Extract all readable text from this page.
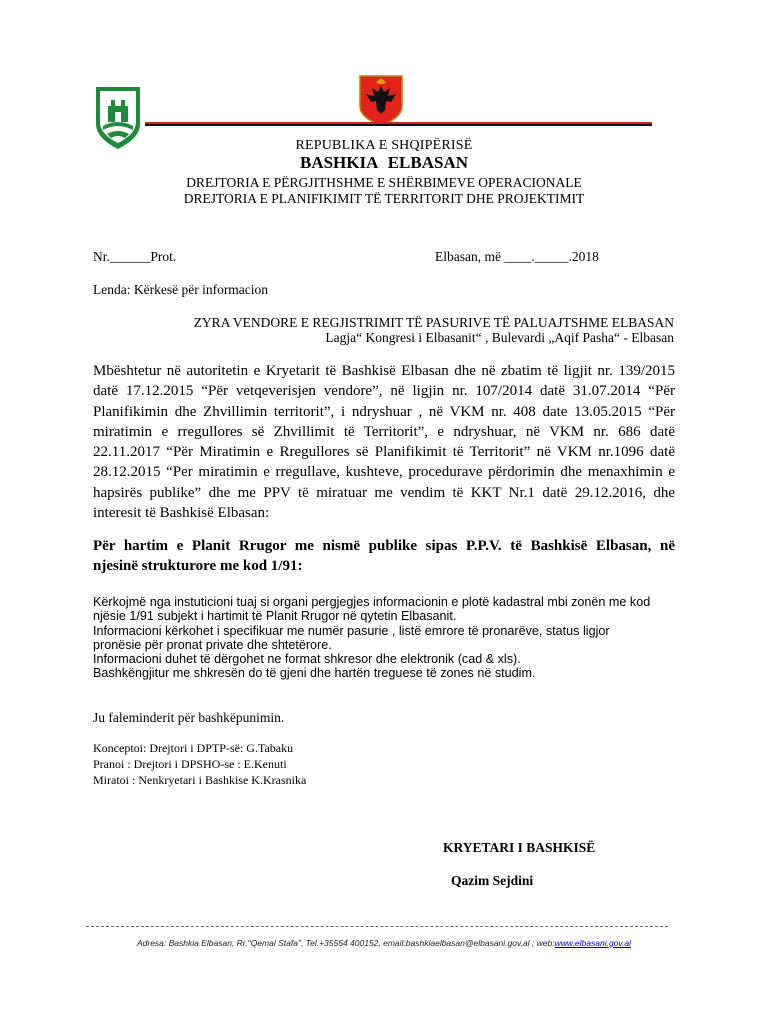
REPUBLIKA E SHQIPËRISË
BASHKIA ELBASAN
DREJTORIA E PËRGJITHSHME E SHËRBIMEVE OPERACIONALE
DREJTORIA E PLANIFIKIMIT TË TERRITORIT DHE PROJEKTIMIT
Nr.______Prot.	Elbasan, më ____._____.2018
Lenda: Kërkesë për informacion
ZYRA VENDORE E REGJISTRIMIT TË PASURIVE TË PALUAJTSHME ELBASAN
Lagja“ Kongresi i Elbasanit“ , Bulevardi „Aqif Pasha“ - Elbasan
Mbështetur në autoritetin e Kryetarit të Bashkisë Elbasan dhe në zbatim të ligjit nr. 139/2015
datë 17.12.2015 “Për vetqeverisjen vendore”, në ligjin nr. 107/2014 datë 31.07.2014 “Për
Planifikimin dhe Zhvillimin territorit”, i ndryshuar , në VKM nr. 408 date 13.05.2015 “Për
miratimin e rregullores së Zhvillimit të Territorit”, e ndryshuar, në VKM nr. 686 datë
22.11.2017 “Për Miratimin e Rregullores së Planifikimit të Territorit” në VKM nr.1096 datë
28.12.2015 “Per miratimin e rregullave, kushteve, procedurave përdorimin dhe menaxhimin e
hapsirës publike” dhe me PPV të miratuar me vendim të KKT Nr.1 datë 29.12.2016, dhe
interesit të Bashkisë Elbasan:
Për hartim e Planit Rrugor me nismë publike sipas P.P.V. të Bashkisë Elbasan, në
njesinë strukturore me kod 1/91:
Kërkojmë nga instuticioni tuaj si organi pergjegjes informacionin e plotë kadastral mbi zonën me kod
njësie 1/91 subjekt i hartimit të Planit Rrugor në qytetin Elbasanit.
Informacioni kërkohet i specifikuar me numër pasurie , listë emrore të pronarëve, status ligjor
pronësie për pronat private dhe shtetërore.
Informacioni duhet të dërgohet ne format shkresor dhe elektronik (cad & xls).
Bashkëngjitur me shkresën do të gjeni dhe hartën treguese të zones në studim.
Ju faleminderit për bashkëpunimin.
Konceptoi: Drejtori i DPTP-së: G.Tabaku
Pranoi : Drejtori i DPSHO-se : E.Kenuti
Miratoi : Nenkryetari i Bashkise K.Krasnika
KRYETARI I BASHKISË
Qazim Sejdini
Adresa: Bashkia Elbasan, Rr."Qemal Stafa", Tel.+35554 400152, email:bashkiaelbasan@elbasani.gov.al ; web:www.elbasani.gov.al
